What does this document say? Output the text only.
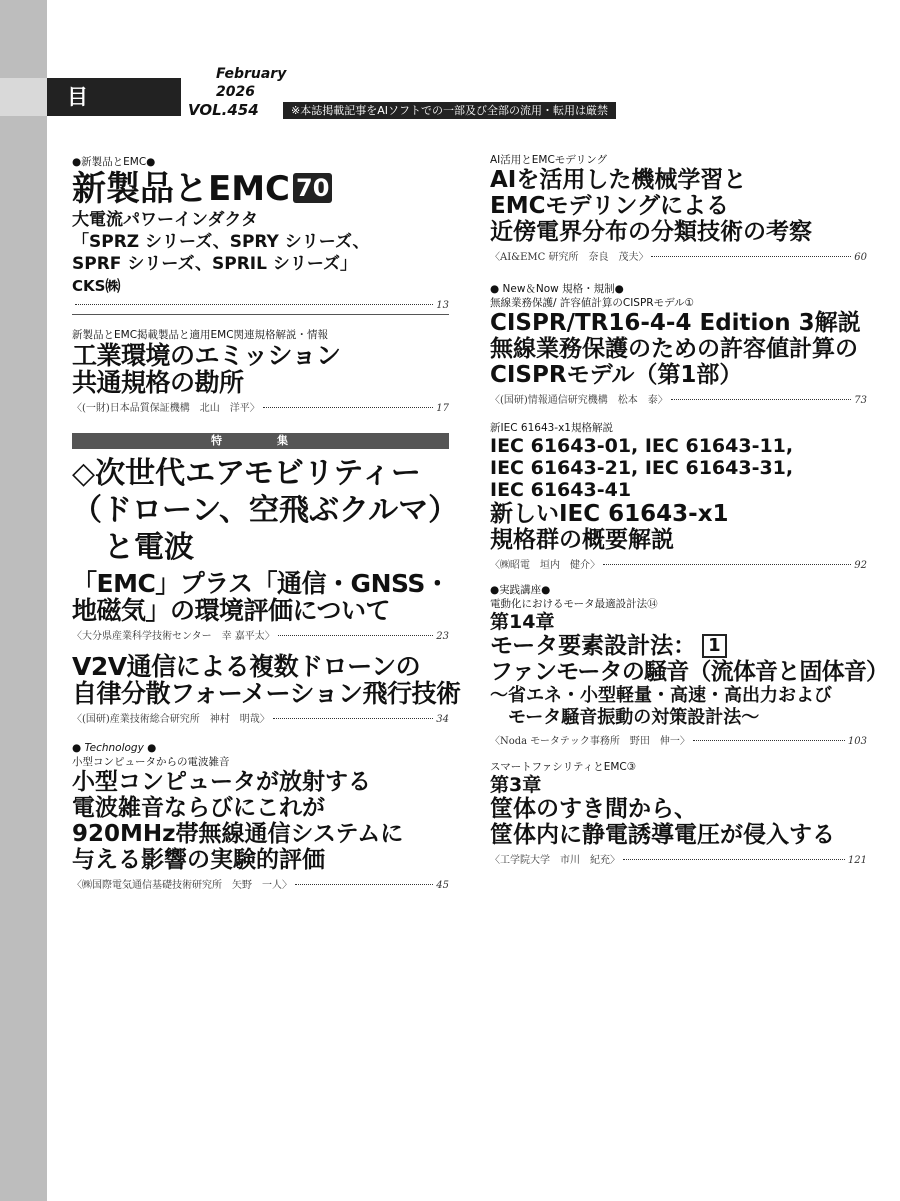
目　次
February
2026
VOL.454	※本誌掲載記事をAIソフトでの一部及び全部の流用・転用は厳禁
●新製品とEMC●
新製品とEMC 70
大電流パワーインダクタ
「SPRZ シリーズ、SPRY シリーズ、
SPRF シリーズ、SPRIL シリーズ」
CKS㈱
13
新製品とEMC掲載製品と適用EMC関連規格解説・情報
工業環境のエミッション
共通規格の勘所
〈(一財)日本品質保証機構　北山　洋平〉	17
特　集
◇次世代エアモビリティー
（ドローン、空飛ぶクルマ）
と電波
「EMC」プラス「通信・GNSS・
地磁気」の環境評価について
〈大分県産業科学技術センター　幸 嘉平太〉	23
V2V通信による複数ドローンの
自律分散フォーメーション飛行技術
〈(国研)産業技術総合研究所　神村　明哉〉	34
● Technology ●
小型コンピュータからの電波雑音
小型コンピュータが放射する
電波雑音ならびにこれが
920MHz帯無線通信システムに
与える影響の実験的評価
〈㈱国際電気通信基礎技術研究所　矢野　一人〉	45
AI活用とEMCモデリング
AIを活用した機械学習と
EMCモデリングによる
近傍電界分布の分類技術の考察
〈AI&EMC 研究所　奈良　茂夫〉	60
● New＆Now 規格・規制●
無線業務保護/ 許容値計算のCISPRモデル①
CISPR/TR16-4-4 Edition 3解説
無線業務保護のための許容値計算の
CISPRモデル（第1部）
〈(国研)情報通信研究機構　松本　泰〉	73
新IEC 61643-x1規格解説
IEC 61643-01, IEC 61643-11,
IEC 61643-21, IEC 61643-31,
IEC 61643-41
新しいIEC 61643-x1
規格群の概要解説
〈㈱昭電　垣内　健介〉	92
●実践講座●
電動化におけるモータ最適設計法⑭
第14章
モータ要素設計法： 1
ファンモータの騒音（流体音と固体音）
～省エネ・小型軽量・高速・高出力および
モータ騒音振動の対策設計法～
〈Noda モータテック事務所　野田　伸一〉	103
スマートファシリティとEMC③
第3章
筐体のすき間から、
筐体内に静電誘導電圧が侵入する
〈工学院大学　市川　紀充〉	121
